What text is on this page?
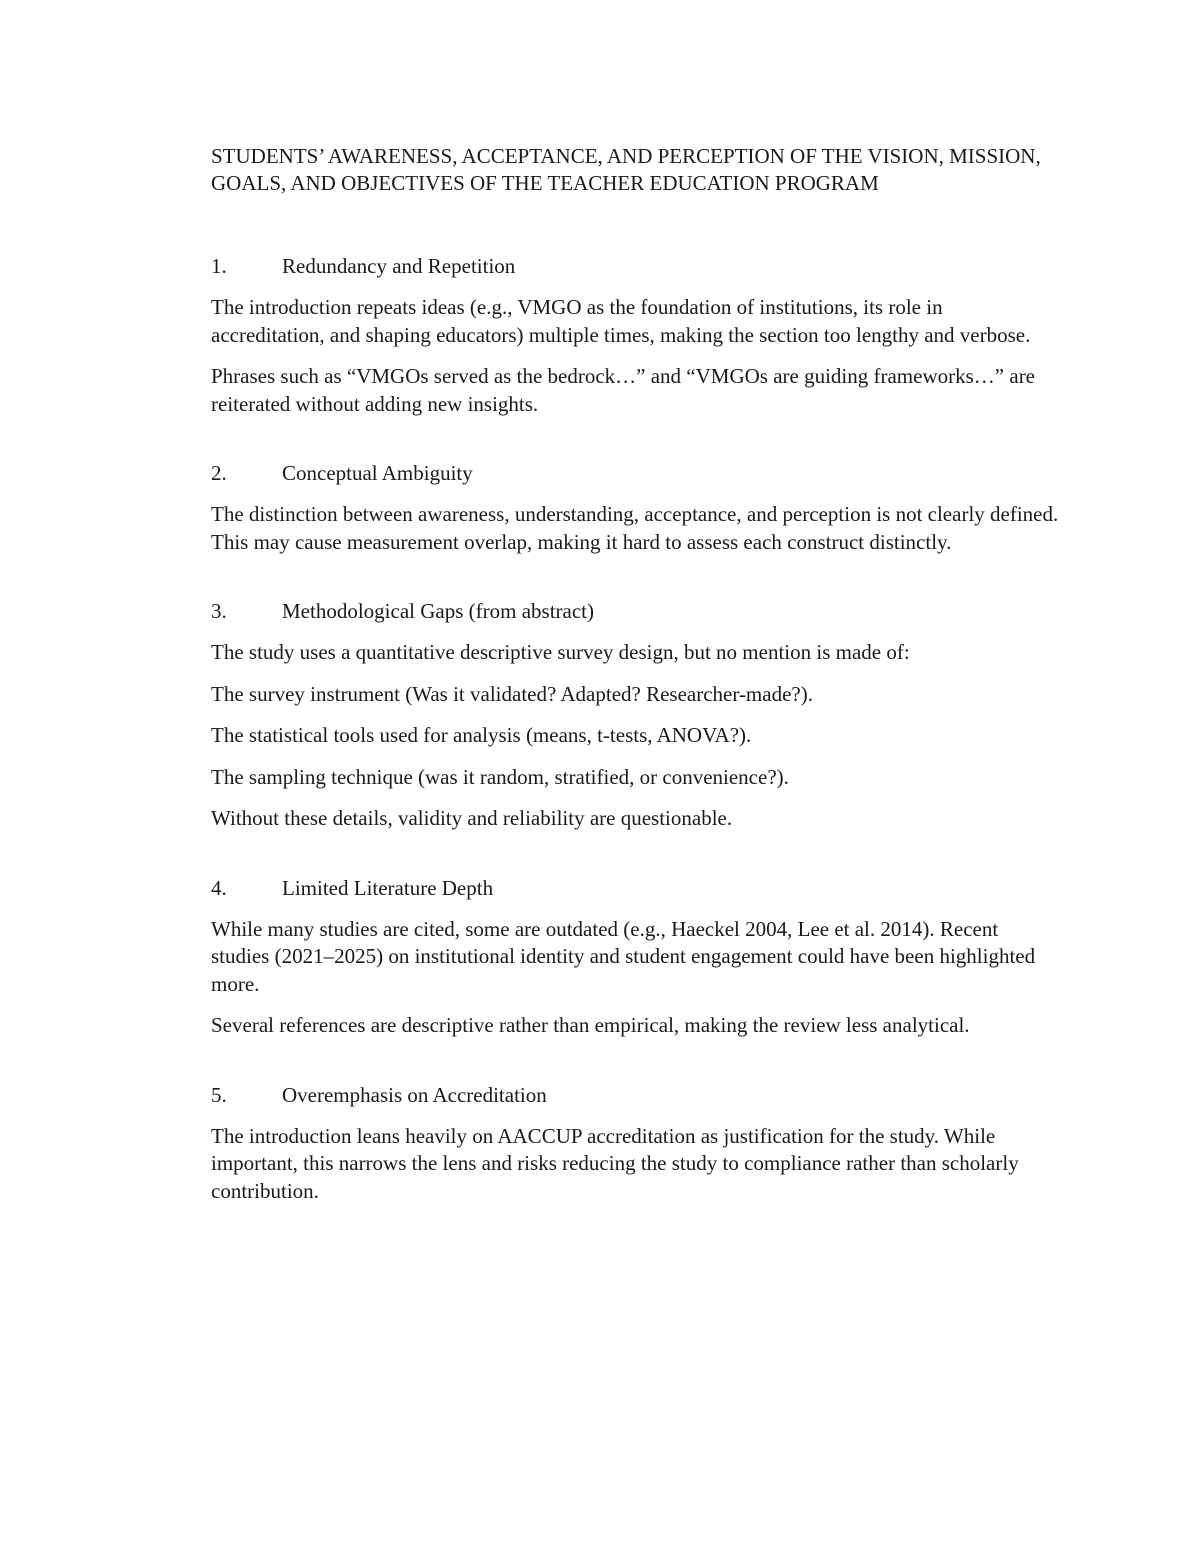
STUDENTS’ AWARENESS, ACCEPTANCE, AND PERCEPTION OF THE VISION, MISSION, GOALS, AND OBJECTIVES OF THE TEACHER EDUCATION PROGRAM

1.	Redundancy and Repetition

The introduction repeats ideas (e.g., VMGO as the foundation of institutions, its role in accreditation, and shaping educators) multiple times, making the section too lengthy and verbose.

Phrases such as “VMGOs served as the bedrock…” and “VMGOs are guiding frameworks…” are reiterated without adding new insights.

2.	Conceptual Ambiguity

The distinction between awareness, understanding, acceptance, and perception is not clearly defined. This may cause measurement overlap, making it hard to assess each construct distinctly.

3.	Methodological Gaps (from abstract)

The study uses a quantitative descriptive survey design, but no mention is made of:

The survey instrument (Was it validated? Adapted? Researcher-made?).

The statistical tools used for analysis (means, t-tests, ANOVA?).

The sampling technique (was it random, stratified, or convenience?).

Without these details, validity and reliability are questionable.

4.	Limited Literature Depth

While many studies are cited, some are outdated (e.g., Haeckel 2004, Lee et al. 2014). Recent studies (2021–2025) on institutional identity and student engagement could have been highlighted more.

Several references are descriptive rather than empirical, making the review less analytical.

5.	Overemphasis on Accreditation

The introduction leans heavily on AACCUP accreditation as justification for the study. While important, this narrows the lens and risks reducing the study to compliance rather than scholarly contribution.
